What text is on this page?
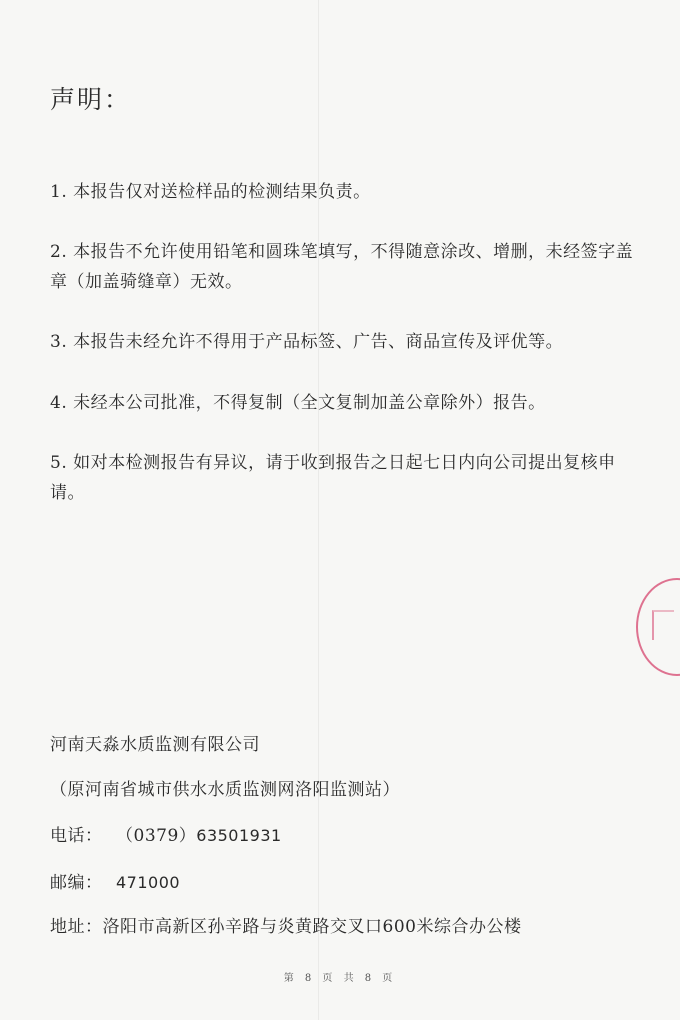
声明：

1. 本报告仅对送检样品的检测结果负责。

2. 本报告不允许使用铅笔和圆珠笔填写，不得随意涂改、增删，未经签字盖章（加盖骑缝章）无效。

3. 本报告未经允许不得用于产品标签、广告、商品宣传及评优等。

4. 未经本公司批准，不得复制（全文复制加盖公章除外）报告。

5. 如对本检测报告有异议，请于收到报告之日起七日内向公司提出复核申请。

河南天淼水质监测有限公司

（原河南省城市供水水质监测网洛阳监测站）

电话： （0379）63501931

邮编： 471000

地址：洛阳市高新区孙辛路与炎黄路交叉口600米综合办公楼

第 8 页 共 8 页
